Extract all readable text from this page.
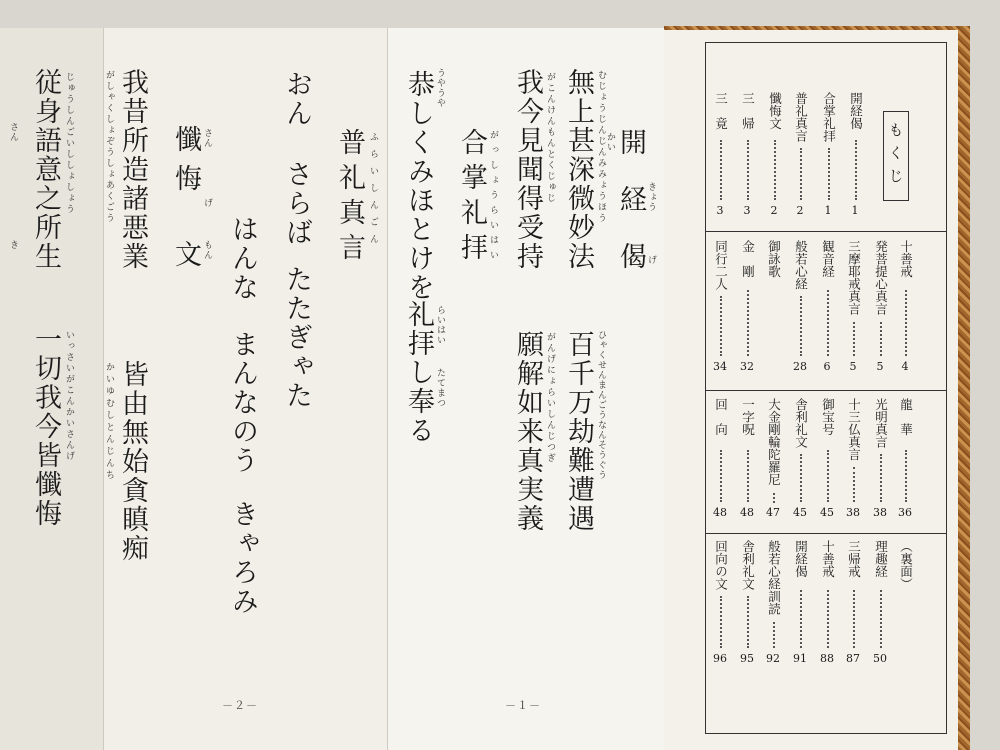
従身語意之所生 じゅうしんごいししょしょう
一切我今皆懺悔 いっさいがこんかいさんげ
さん
き	我昔所造諸悪業
がしゃくしょぞうしょあくごう 懺悔 さん
げ
文 もん
皆由無始貪瞋痴
かいゆむしとんじんち
おん
さらば
たたぎゃた
普礼真言 ふらいしんごん
はんな
まんなのう
きゃろみ
－２－
恭しくみほとけを
礼拝し奉る
うやうや
らいはい
たてまつ
合掌礼拝 がっしょうらいはい 我今見聞得受持 がこんけんもんとくじゅじ
願解如来真実義 がんげにょらいしんじつぎ
無上甚深微妙法 むじょうじんじんみみょうほう
百千万劫難遭遇 ひゃくせんまんごうなんそうぐう
開
経
偈
かい
きょう
げ
－１－
もくじ
開経偈
1
合掌礼拝
1
普礼真言
2
懺悔文
2
三　帰
3
三　竟
3
十善戒
4
発菩提心真言
5
三摩耶戒真言
5
観音経
6
般若心経
28
御詠歌
金　剛
32
同行二人
34
龍　華
36
光明真言
38
十三仏真言
38
御宝号
45
舎利礼文
45
大金剛輪陀羅尼
47
一字呪
48
回　向
48
（裏面）
理趣経
50
三帰戒
87
十善戒
88
開経偈
91
般若心経訓読
92
舎利礼文
95
回向の文
96
